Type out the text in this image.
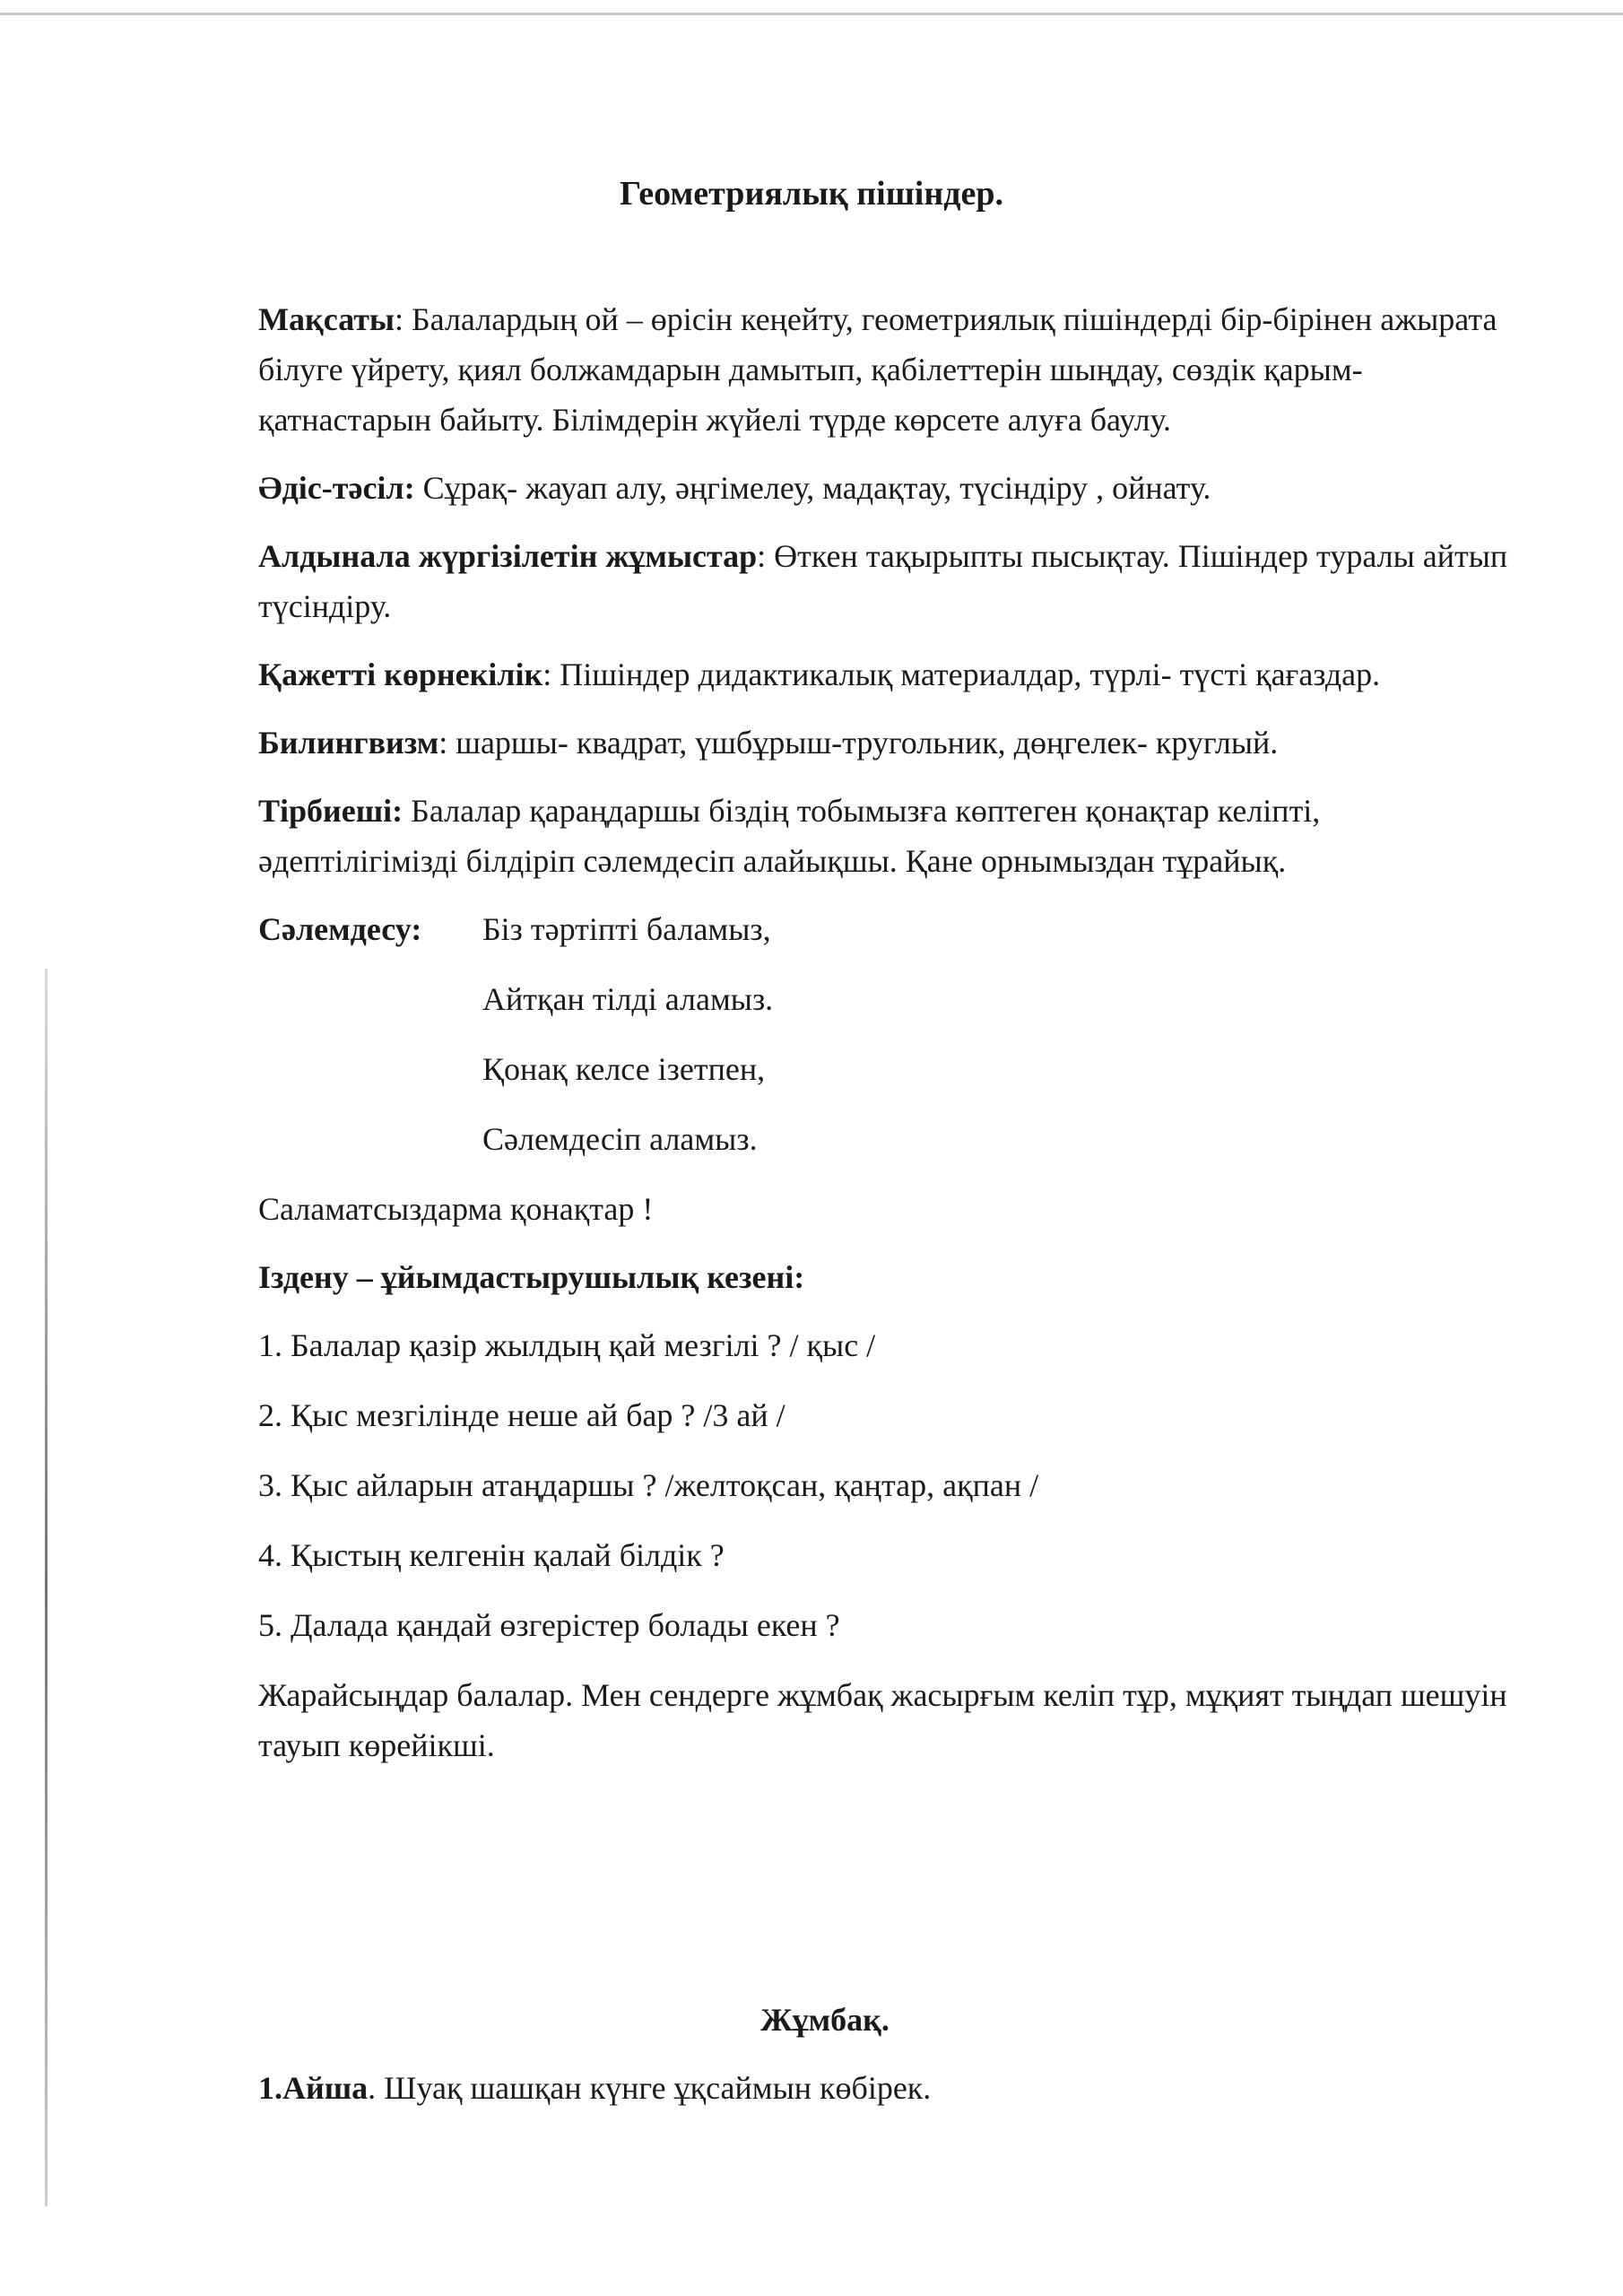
Геометриялық пішіндер.

Мақсаты: Балалардың ой – өрісін кеңейту, геометриялық пішіндерді бір-бірінен ажырата білуге үйрету, қиял болжамдарын дамытып, қабілеттерін шыңдау, сөздік қарым-қатнастарын байыту. Білімдерін жүйелі түрде көрсете алуға баулу.

Әдіс-тәсіл: Сұрақ- жауап алу, әңгімелеу, мадақтау, түсіндіру , ойнату.

Алдынала жүргізілетін жұмыстар: Өткен тақырыпты пысықтау. Пішіндер туралы айтып түсіндіру.

Қажетті көрнекілік: Пішіндер дидактикалық материалдар, түрлі- түсті қағаздар.

Билингвизм: шаршы- квадрат, үшбұрыш-тругольник, дөңгелек- круглый.

Тірбиеші: Балалар қараңдаршы біздің тобымызға көптеген қонақтар келіпті, әдептілігімізді білдіріп сәлемдесіп алайықшы. Қане орнымыздан тұрайық.

Сәлемдесу:	Біз тәртіпті баламыз,
Айтқан тілді аламыз.
Қонақ келсе ізетпен,
Сәлемдесіп аламыз.

Саламатсыздарма қонақтар !

Іздену – ұйымдастырушылық кезені:

1. Балалар қазір жылдың қай мезгілі ? / қыс /
2. Қыс мезгілінде неше ай бар ? /3 ай /
3. Қыс айларын атаңдаршы ? /желтоқсан, қаңтар, ақпан /
4. Қыстың келгенін қалай білдік ?
5. Далада қандай өзгерістер болады екен ?

Жарайсыңдар балалар. Мен сендерге жұмбақ жасырғым келіп тұр, мұқият тыңдап шешуін тауып көрейікші.

Жұмбақ.
1.Айша. Шуақ шашқан күнге ұқсаймын көбірек.
